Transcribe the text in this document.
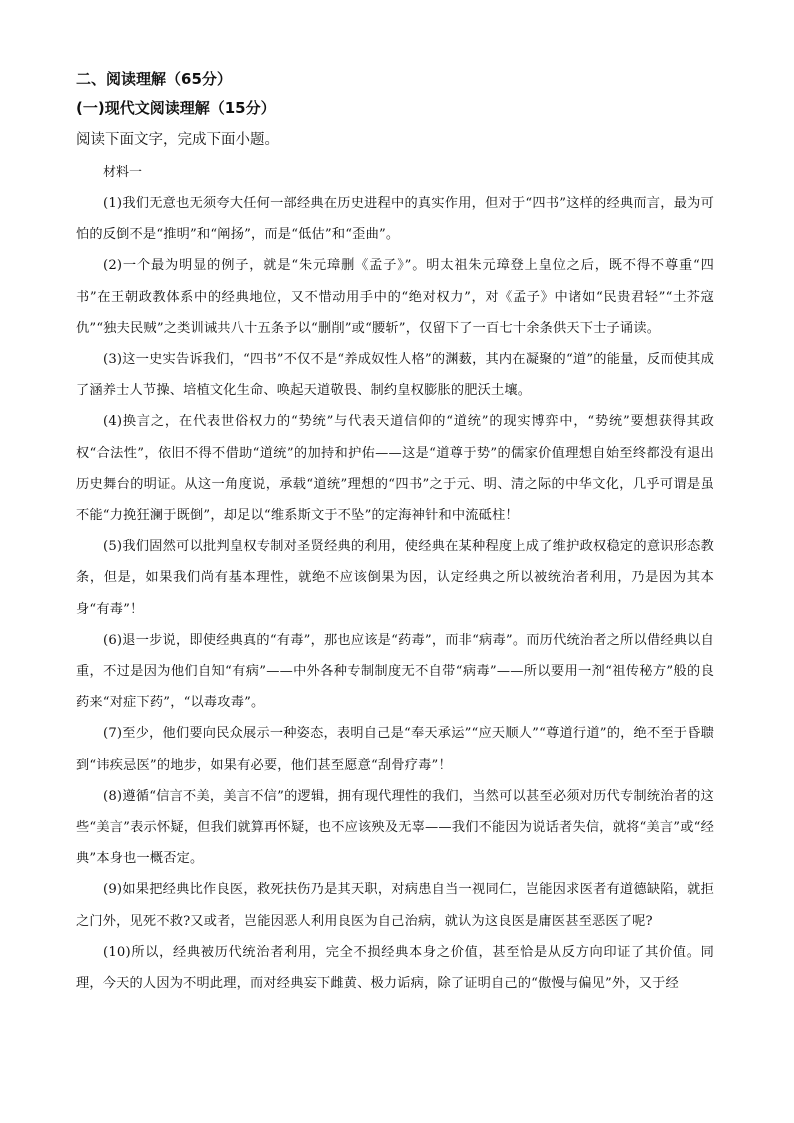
二、阅读理解（65分）
(一)现代文阅读理解（15分）
阅读下面文字，完成下面小题。
材料一

(1)我们无意也无须夸大任何一部经典在历史进程中的真实作用，但对于“四书”这样的经典而言，最为可怕的反倒不是“推明”和“阐扬”，而是“低估”和“歪曲”。

(2)一个最为明显的例子，就是“朱元璋删《孟子》”。明太祖朱元璋登上皇位之后，既不得不尊重“四书”在王朝政教体系中的经典地位，又不惜动用手中的“绝对权力”，对《孟子》中诸如“民贵君轻”“土芥寇仇”“独夫民贼”之类训诫共八十五条予以“删削”或“腰斩”，仅留下了一百七十余条供天下士子诵读。

(3)这一史实告诉我们，“四书”不仅不是“养成奴性人格”的渊薮，其内在凝聚的“道”的能量，反而使其成了涵养士人节操、培植文化生命、唤起天道敬畏、制约皇权膨胀的肥沃土壤。

(4)换言之，在代表世俗权力的“势统”与代表天道信仰的“道统”的现实博弈中，“势统”要想获得其政权“合法性”，依旧不得不借助“道统”的加持和护佑——这是“道尊于势”的儒家价值理想自始至终都没有退出历史舞台的明证。从这一角度说，承载“道统”理想的“四书”之于元、明、清之际的中华文化，几乎可谓是虽不能“力挽狂澜于既倒”，却足以“维系斯文于不坠”的定海神针和中流砥柱！

(5)我们固然可以批判皇权专制对圣贤经典的利用，使经典在某种程度上成了维护政权稳定的意识形态教条，但是，如果我们尚有基本理性，就绝不应该倒果为因，认定经典之所以被统治者利用，乃是因为其本身“有毒”！

(6)退一步说，即使经典真的“有毒”，那也应该是“药毒”，而非“病毒”。而历代统治者之所以借经典以自重，不过是因为他们自知“有病”——中外各种专制制度无不自带“病毒”——所以要用一剂“祖传秘方”般的良药来“对症下药”，“以毒攻毒”。

(7)至少，他们要向民众展示一种姿态，表明自己是“奉天承运”“应天顺人”“尊道行道”的，绝不至于昏聩到“讳疾忌医”的地步，如果有必要，他们甚至愿意“刮骨疗毒”！

(8)遵循“信言不美，美言不信”的逻辑，拥有现代理性的我们，当然可以甚至必须对历代专制统治者的这些“美言”表示怀疑，但我们就算再怀疑，也不应该殃及无辜——我们不能因为说话者失信，就将“美言”或“经典”本身也一概否定。

(9)如果把经典比作良医，救死扶伤乃是其天职，对病患自当一视同仁，岂能因求医者有道德缺陷，就拒之门外，见死不救?又或者，岂能因恶人利用良医为自己治病，就认为这良医是庸医甚至恶医了呢?

(10)所以，经典被历代统治者利用，完全不损经典本身之价值，甚至恰是从反方向印证了其价值。同理，今天的人因为不明此理，而对经典妄下雌黄、极力诟病，除了证明自己的“傲慢与偏见”外，又于经
